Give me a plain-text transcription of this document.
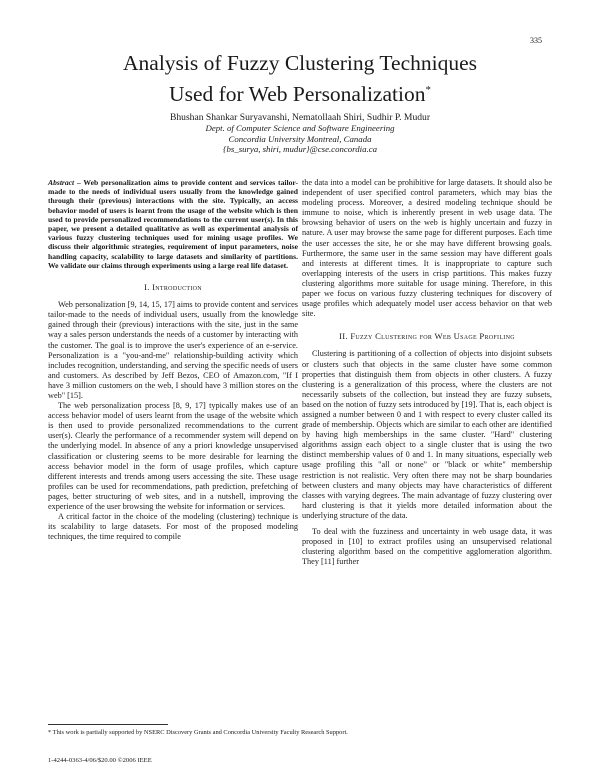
335
Analysis of Fuzzy Clustering Techniques
Used for Web Personalization*
Bhushan Shankar Suryavanshi, Nematollaah Shiri, Sudhir P. Mudur
Dept. of Computer Science and Software Engineering
Concordia University Montreal, Canada
{bs_surya, shiri, mudur}@cse.concordia.ca

Abstract – Web personalization aims to provide content and services tailor-made to the needs of individual users usually from the knowledge gained through their (previous) interactions with the site. Typically, an access behavior model of users is learnt from the usage of the website which is then used to provide personalized recommendations to the current user(s). In this paper, we present a detailed qualitative as well as experimental analysis of various fuzzy clustering techniques used for mining usage profiles. We discuss their algorithmic strategies, requirement of input parameters, noise handling capacity, scalability to large datasets and similarity of partitions. We validate our claims through experiments using a large real life dataset.

I. Introduction

Web personalization [9, 14, 15, 17] aims to provide content and services tailor-made to the needs of individual users, usually from the knowledge gained through their (previous) interactions with the site, just in the same way a sales person understands the needs of a customer by interacting with the customer. The goal is to improve the user's experience of an e-service. Personalization is a "you-and-me" relationship-building activity which includes recognition, understanding, and serving the specific needs of users and customers. As described by Jeff Bezos, CEO of Amazon.com, "If I have 3 million customers on the web, I should have 3 million stores on the web" [15].

The web personalization process [8, 9, 17] typically makes use of an access behavior model of users learnt from the usage of the website which is then used to provide personalized recommendations to the current user(s). Clearly the performance of a recommender system will depend on the underlying model. In absence of any a priori knowledge unsupervised classification or clustering seems to be more desirable for learning the access behavior model in the form of usage profiles, which capture different interests and trends among users accessing the site. These usage profiles can be used for recommendations, path prediction, prefetching of pages, better structuring of web sites, and in a nutshell, improving the experience of the user browsing the website for information or services.

A critical factor in the choice of the modeling (clustering) technique is its scalability to large datasets. For most of the proposed modeling techniques, the time required to compile

the data into a model can be prohibitive for large datasets. It should also be independent of user specified control parameters, which may bias the modeling process. Moreover, a desired modeling technique should be immune to noise, which is inherently present in web usage data. The browsing behavior of users on the web is highly uncertain and fuzzy in nature. A user may browse the same page for different purposes. Each time the user accesses the site, he or she may have different browsing goals. Furthermore, the same user in the same session may have different goals and interests at different times. It is inappropriate to capture such overlapping interests of the users in crisp partitions. This makes fuzzy clustering algorithms more suitable for usage mining. Therefore, in this paper we focus on various fuzzy clustering techniques for discovery of usage profiles which adequately model user access behavior on that web site.

II. Fuzzy Clustering for Web Usage Profiling

Clustering is partitioning of a collection of objects into disjoint subsets or clusters such that objects in the same cluster have some common properties that distinguish them from objects in other clusters. A fuzzy clustering is a generalization of this process, where the clusters are not necessarily subsets of the collection, but instead they are fuzzy subsets, based on the notion of fuzzy sets introduced by [19]. That is, each object is assigned a number between 0 and 1 with respect to every cluster called its grade of membership. Objects which are similar to each other are identified by having high memberships in the same cluster. "Hard" clustering algorithms assign each object to a single cluster that is using the two distinct membership values of 0 and 1. In many situations, especially web usage profiling this "all or none" or "black or white" membership restriction is not realistic. Very often there may not be sharp boundaries between clusters and many objects may have characteristics of different classes with varying degrees. The main advantage of fuzzy clustering over hard clustering is that it yields more detailed information about the underlying structure of the data.

To deal with the fuzziness and uncertainty in web usage data, it was proposed in [10] to extract profiles using an unsupervised relational clustering algorithm based on the competitive agglomeration algorithm. They [11] further

* This work is partially supported by NSERC Discovery Grants and Concordia University Faculty Research Support.
1-4244-0363-4/06/$20.00 ©2006 IEEE
